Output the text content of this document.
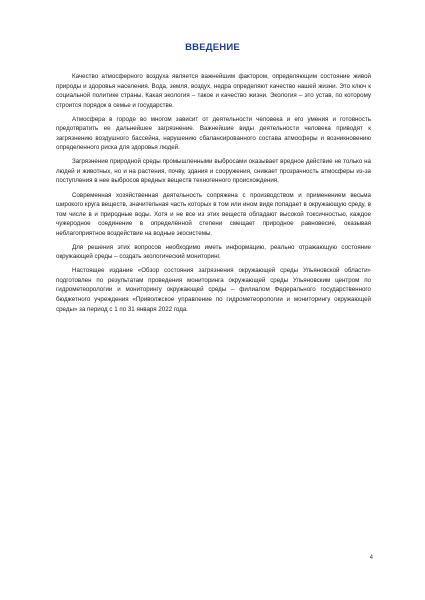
ВВЕДЕНИЕ

Качество атмосферного воздуха является важнейшим фактором, определяющим состояние живой природы и здоровья населения. Вода, земля, воздух, недра определяют качество нашей жизни. Это ключ к социальной политике страны. Какая экология – такое и качество жизни. Экология – это устав, по которому строится порядок в семье и государстве.

Атмосфера в городе во многом зависит от деятельности человека и его умения и готовность предотвратить ее дальнейшее загрязнение. Важнейшие виды деятельности человека приводят к загрязнению воздушного бассейна, нарушению сбалансированного состава атмосферы и возникновению определенного риска для здоровья людей.

Загрязнение природной среды промышленными выбросами оказывает вредное действие не только на людей и животных, но и на растения, почву, здания и сооружения, снижает прозрачность атмосферы из-за поступления в нее выбросов вредных веществ техногенного происхождения.

Современная хозяйственная деятельность сопряжена с производством и применением весьма широкого круга веществ, значительная часть которых в том или ином виде попадает в окружающую среду, в том числе в и природные воды. Хотя и не все из этих веществ обладают высокой токсичностью, каждое чужеродное соединение в определённой степени смещает природное равновесие, оказывая неблагоприятное воздействие на водные экосистемы.

Для решения этих вопросов необходимо иметь информацию, реально отражающую состояние окружающей среды – создать экологический мониторинг.

Настоящее издание «Обзор состояния загрязнения окружающей среды Ульяновской области» подготовлен по результатам проведения мониторинга окружающей среды Ульяновским центром по гидрометеорологии и мониторингу окружающей среды – филиалом Федерального государственного бюджетного учреждения «Приволжское управление по гидрометеорологии и мониторингу окружающей среды» за период с 1 по 31 января 2022 года.

4
